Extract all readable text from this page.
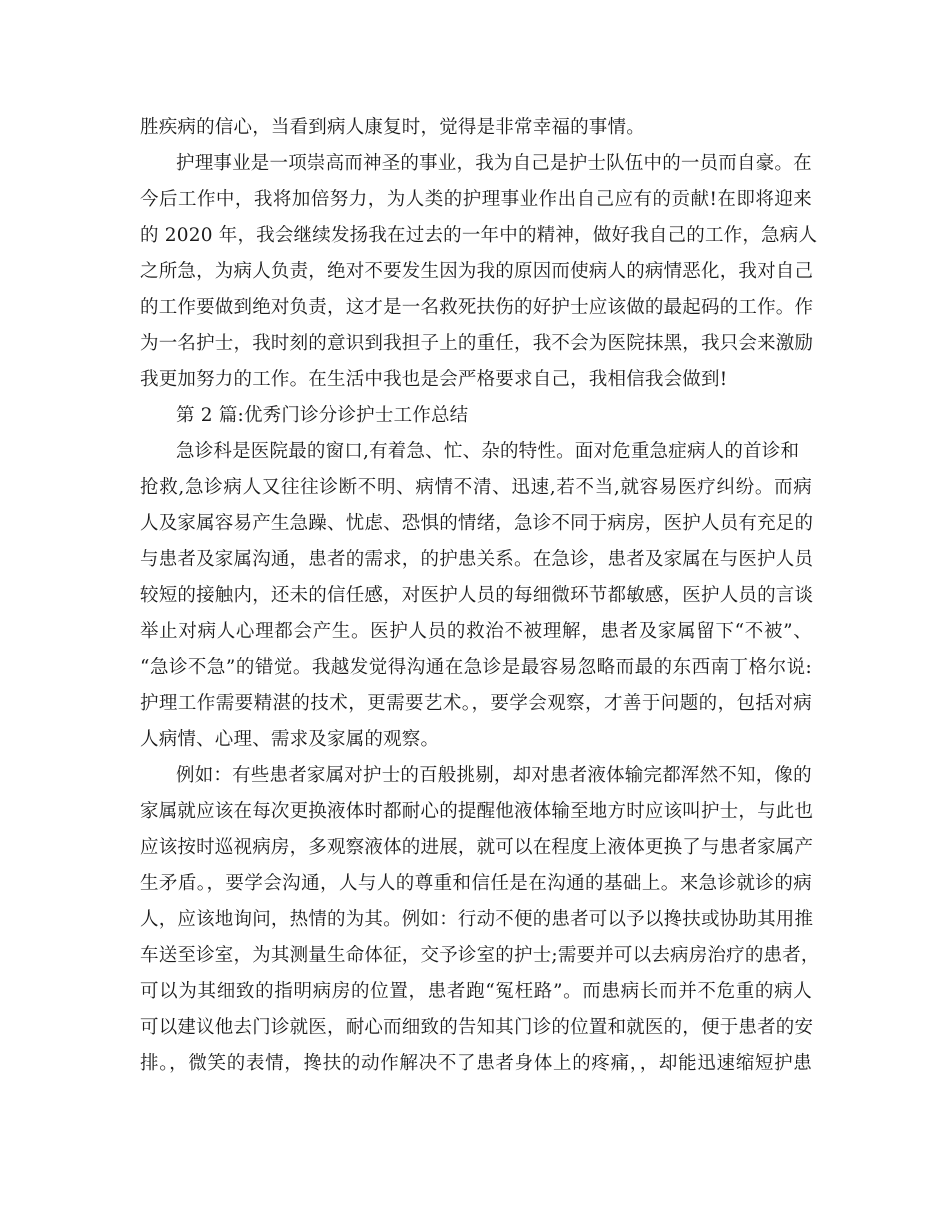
胜疾病的信心，当看到病人康复时，觉得是非常幸福的事情。
护理事业是一项崇高而神圣的事业，我为自己是护士队伍中的一员而自豪。在
今后工作中，我将加倍努力，为人类的护理事业作出自己应有的贡献!在即将迎来
的 2020 年，我会继续发扬我在过去的一年中的精神，做好我自己的工作，急病人
之所急，为病人负责，绝对不要发生因为我的原因而使病人的病情恶化，我对自己
的工作要做到绝对负责，这才是一名救死扶伤的好护士应该做的最起码的工作。作
为一名护士，我时刻的意识到我担子上的重任，我不会为医院抹黑，我只会来激励
我更加努力的工作。在生活中我也是会严格要求自己，我相信我会做到!
第 2 篇:优秀门诊分诊护士工作总结
急诊科是医院最的窗口,有着急、忙、杂的特性。面对危重急症病人的首诊和
抢救,急诊病人又往往诊断不明、病情不清、迅速,若不当,就容易医疗纠纷。而病
人及家属容易产生急躁、忧虑、恐惧的情绪，急诊不同于病房，医护人员有充足的
与患者及家属沟通，患者的需求，的护患关系。在急诊，患者及家属在与医护人员
较短的接触内，还未的信任感，对医护人员的每细微环节都敏感，医护人员的言谈
举止对病人心理都会产生。医护人员的救治不被理解，患者及家属留下“不被”、
“急诊不急”的错觉。我越发觉得沟通在急诊是最容易忽略而最的东西南丁格尔说:
护理工作需要精湛的技术，更需要艺术。，要学会观察，才善于问题的，包括对病
人病情、心理、需求及家属的观察。
例如：有些患者家属对护士的百般挑剔，却对患者液体输完都浑然不知，像的
家属就应该在每次更换液体时都耐心的提醒他液体输至地方时应该叫护士，与此也
应该按时巡视病房，多观察液体的进展，就可以在程度上液体更换了与患者家属产
生矛盾。，要学会沟通，人与人的尊重和信任是在沟通的基础上。来急诊就诊的病
人，应该地询问，热情的为其。例如：行动不便的患者可以予以搀扶或协助其用推
车送至诊室，为其测量生命体征，交予诊室的护士;需要并可以去病房治疗的患者，
可以为其细致的指明病房的位置，患者跑“冤枉路”。而患病长而并不危重的病人
可以建议他去门诊就医，耐心而细致的告知其门诊的位置和就医的，便于患者的安
排。，微笑的表情，搀扶的动作解决不了患者身体上的疼痛，，却能迅速缩短护患
